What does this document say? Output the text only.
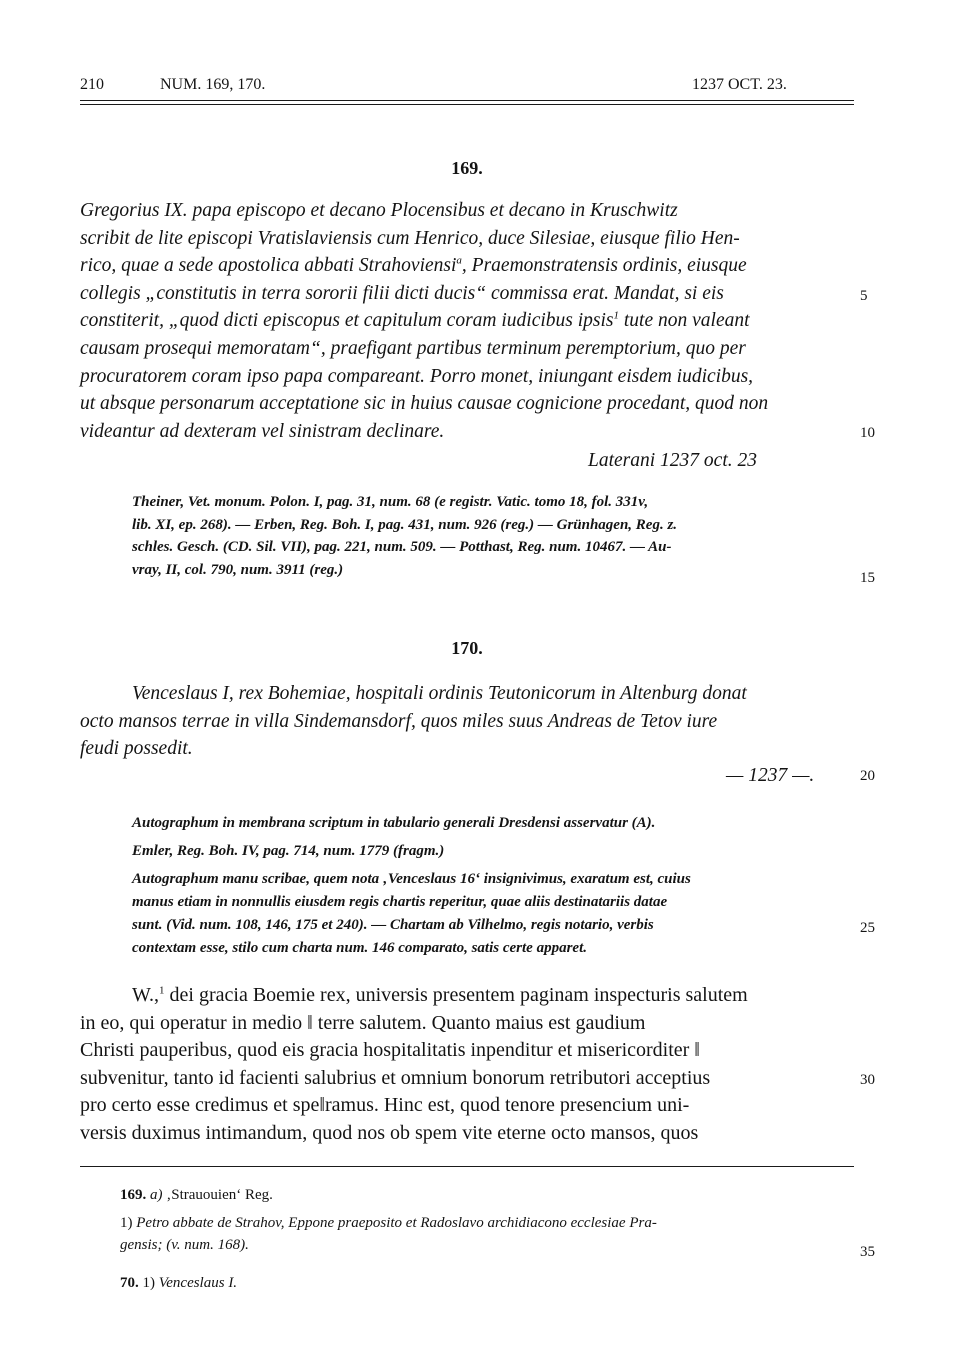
210	NUM. 169, 170.	1237 OCT. 23.
169.

Gregorius IX. papa episcopo et decano Plocensibus et decano in Kruschwitz

scribit de lite episcopi Vratislaviensis cum Henrico, duce Silesiae, eiusque filio Hen-

rico, quae a sede apostolica abbati Strahoviensi$^a$, Praemonstratensis ordinis, eiusque

collegis „constitutis in terra sororii filii dicti ducis“ commissa erat. Mandat, si eis

constiterit, „quod dicti episcopus et capitulum coram iudicibus ipsis$^1$ tute non valeant

causam prosequi memoratam“, praefigant partibus terminum peremptorium, quo per

procuratorem coram ipso papa compareant. Porro monet, iniungant eisdem iudicibus,

ut absque personarum acceptatione sic in huius causae cognicione procedant, quod non

videantur ad dexteram vel sinistram declinare.

Laterani 1237 oct. 23

Theiner, Vet. monum. Polon. I, pag. 31, num. 68 (e registr. Vatic. tomo 18, fol. 331v,

lib. XI, ep. 268). — Erben, Reg. Boh. I, pag. 431, num. 926 (reg.) — Grünhagen, Reg. z.

schles. Gesch. (CD. Sil. VII), pag. 221, num. 509. — Potthast, Reg. num. 10467. — Au-

vray, II, col. 790, num. 3911 (reg.)

170.

Venceslaus I, rex Bohemiae, hospitali ordinis Teutonicorum in Altenburg donat

octo mansos terrae in villa Sindemansdorf, quos miles suus Andreas de Tetov iure

feudi possedit.

— 1237 —.

Autographum in membrana scriptum in tabulario generali Dresdensi asservatur (A).

Emler, Reg. Boh. IV, pag. 714, num. 1779 (fragm.)

Autographum manu scribae, quem nota ‚Venceslaus 16‘ insignivimus, exaratum est, cuius

manus etiam in nonnullis eiusdem regis chartis reperitur, quae aliis destinatariis datae

sunt. (Vid. num. 108, 146, 175 et 240). — Chartam ab Vilhelmo, regis notario, verbis

contextam esse, stilo cum charta num. 146 comparato, satis certe apparet.

W.,$^1$ dei gracia Boemie rex, universis presentem paginam inspecturis salutem

in eo, qui operatur in medio ‖ terre salutem. Quanto maius est gaudium

Christi pauperibus, quod eis gracia hospitalitatis inpenditur et misericorditer ‖

subvenitur, tanto id facienti salubrius et omnium bonorum retributori acceptius

pro certo esse credimus et spe‖ramus. Hinc est, quod tenore presencium uni-

versis duximus intimandum, quod nos ob spem vite eterne octo mansos, quos

5
10
15
20
25
30
35
169. a) ‚Strauouien‘ Reg.
1) Petro abbate de Strahov, Eppone praeposito et Radoslavo archidiacono ecclesiae Pra-
gensis; (v. num. 168).
70. 1) Venceslaus I.
